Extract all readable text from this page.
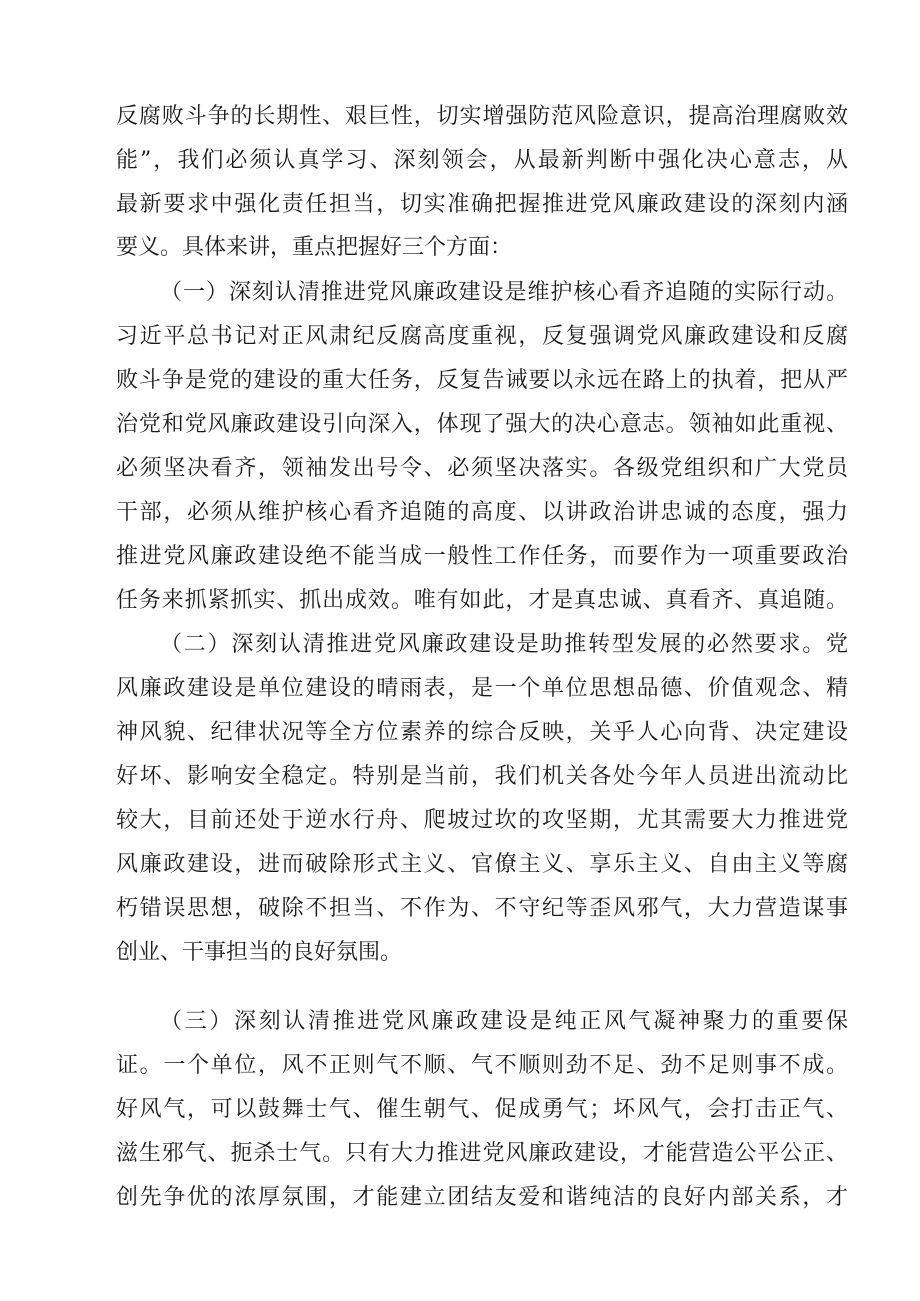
反腐败斗争的长期性、艰巨性，切实增强防范风险意识，提高治理腐败效
能”，我们必须认真学习、深刻领会，从最新判断中强化决心意志，从
最新要求中强化责任担当，切实准确把握推进党风廉政建设的深刻内涵
要义。具体来讲，重点把握好三个方面：
（一）深刻认清推进党风廉政建设是维护核心看齐追随的实际行动。
习近平总书记对正风肃纪反腐高度重视，反复强调党风廉政建设和反腐
败斗争是党的建设的重大任务，反复告诫要以永远在路上的执着，把从严
治党和党风廉政建设引向深入，体现了强大的决心意志。领袖如此重视、
必须坚决看齐，领袖发出号令、必须坚决落实。各级党组织和广大党员
干部，必须从维护核心看齐追随的高度、以讲政治讲忠诚的态度，强力
推进党风廉政建设绝不能当成一般性工作任务，而要作为一项重要政治
任务来抓紧抓实、抓出成效。唯有如此，才是真忠诚、真看齐、真追随。
（二）深刻认清推进党风廉政建设是助推转型发展的必然要求。党
风廉政建设是单位建设的晴雨表，是一个单位思想品德、价值观念、精
神风貌、纪律状况等全方位素养的综合反映，关乎人心向背、决定建设
好坏、影响安全稳定。特别是当前，我们机关各处今年人员进出流动比
较大，目前还处于逆水行舟、爬坡过坎的攻坚期，尤其需要大力推进党
风廉政建设，进而破除形式主义、官僚主义、享乐主义、自由主义等腐
朽错误思想，破除不担当、不作为、不守纪等歪风邪气，大力营造谋事
创业、干事担当的良好氛围。
（三）深刻认清推进党风廉政建设是纯正风气凝神聚力的重要保
证。一个单位，风不正则气不顺、气不顺则劲不足、劲不足则事不成。
好风气，可以鼓舞士气、催生朝气、促成勇气；坏风气，会打击正气、
滋生邪气、扼杀士气。只有大力推进党风廉政建设，才能营造公平公正、
创先争优的浓厚氛围，才能建立团结友爱和谐纯洁的良好内部关系，才
